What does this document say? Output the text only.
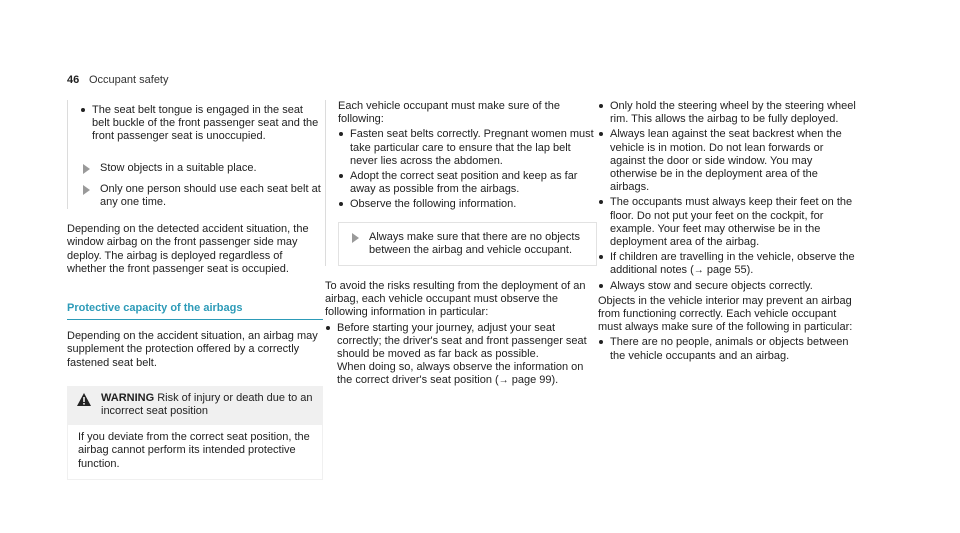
46 Occupant safety
The seat belt tongue is engaged in the seat belt buckle of the front passenger seat and the front passenger seat is unoccupied.
Stow objects in a suitable place.
Only one person should use each seat belt at any one time.

Depending on the detected accident situation, the window airbag on the front passenger side may deploy. The airbag is deployed regardless of whether the front passenger seat is occupied.

Protective capacity of the airbags

Depending on the accident situation, an airbag may supplement the protection offered by a correctly fastened seat belt.

WARNING Risk of injury or death due to an incorrect seat position
If you deviate from the correct seat position, the airbag cannot perform its intended protective function.

Each vehicle occupant must make sure of the following:

Fasten seat belts correctly. Pregnant women must take particular care to ensure that the lap belt never lies across the abdomen.
Adopt the correct seat position and keep as far away as possible from the airbags.
Observe the following information.
Always make sure that there are no objects between the airbag and vehicle occupant.

To avoid the risks resulting from the deployment of an airbag, each vehicle occupant must observe the following information in particular:

Before starting your journey, adjust your seat correctly; the driver's seat and front passenger seat should be moved as far back as possible.
When doing so, always observe the information on the correct driver's seat position (→ page 99).
Only hold the steering wheel by the steering wheel rim. This allows the airbag to be fully deployed.
Always lean against the seat backrest when the vehicle is in motion. Do not lean forwards or against the door or side window. You may otherwise be in the deployment area of the airbags.
The occupants must always keep their feet on the floor. Do not put your feet on the cockpit, for example. Your feet may otherwise be in the deployment area of the airbag.
If children are travelling in the vehicle, observe the additional notes (→ page 55).
Always stow and secure objects correctly.

Objects in the vehicle interior may prevent an airbag from functioning correctly. Each vehicle occupant must always make sure of the following in particular:

There are no people, animals or objects between the vehicle occupants and an airbag.
